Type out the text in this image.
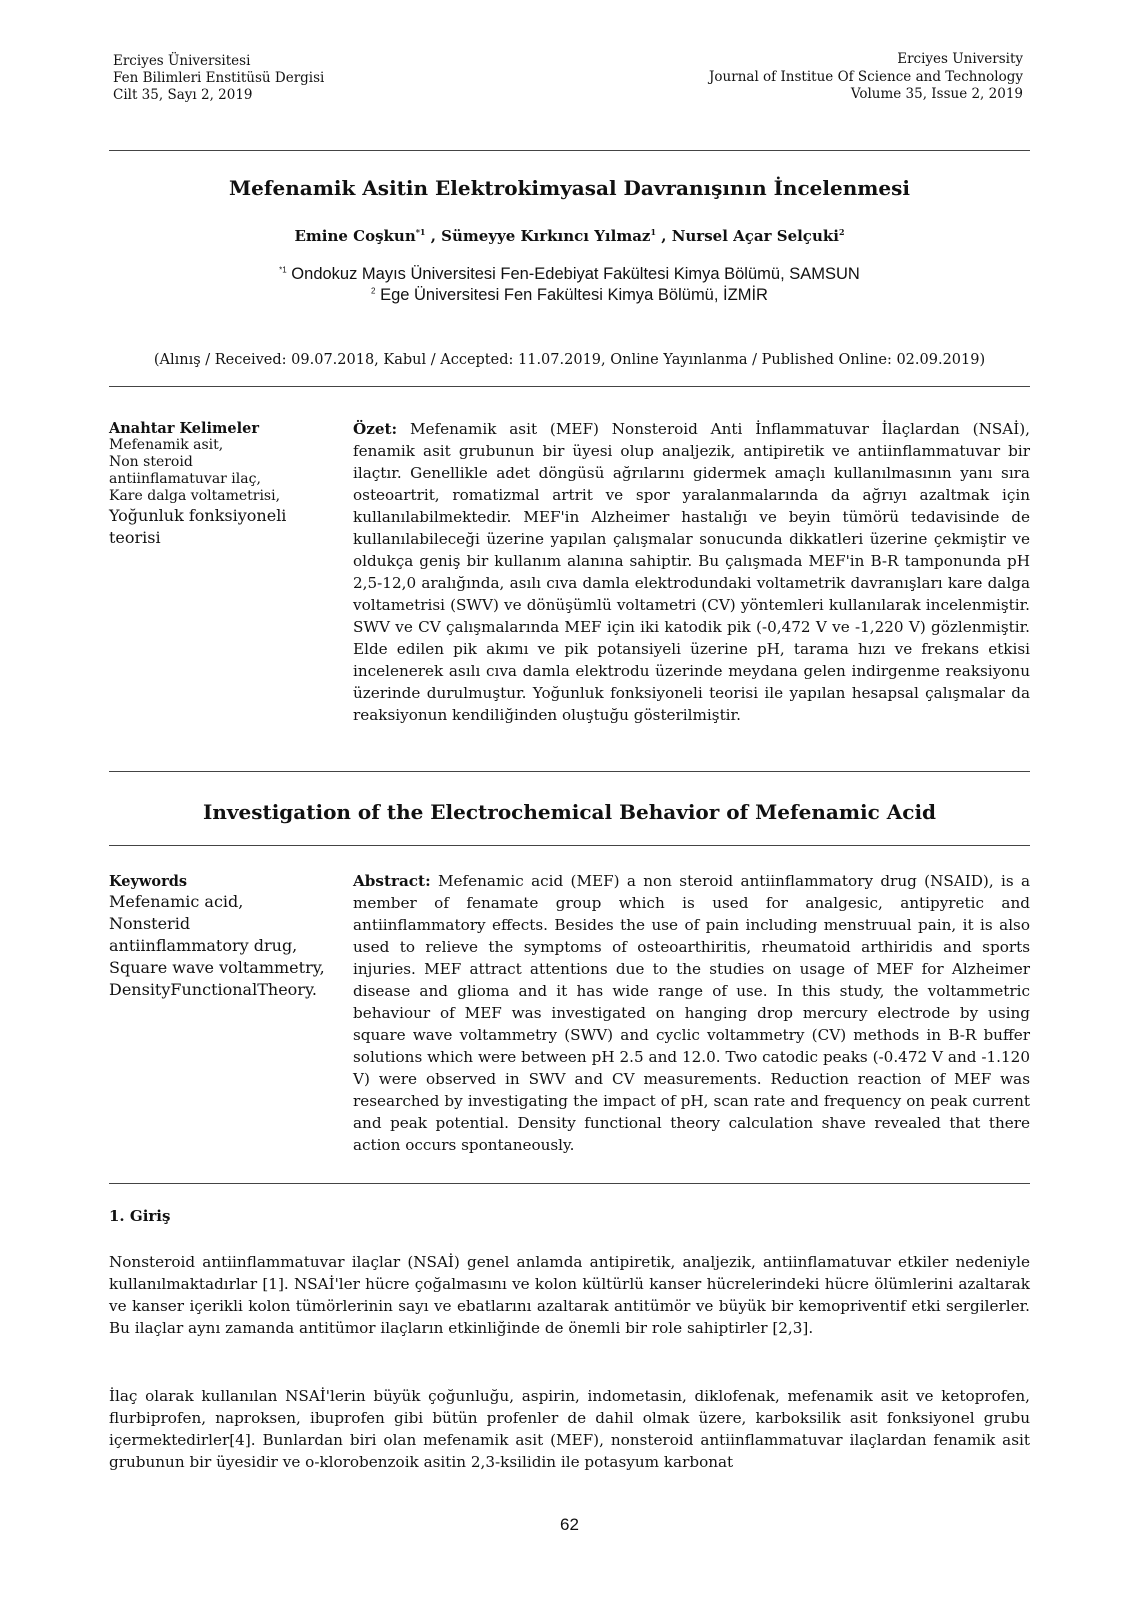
Erciyes Üniversitesi
Fen Bilimleri Enstitüsü Dergisi
Cilt 35, Sayı 2, 2019
Erciyes University
Journal of Institue Of Science and Technology
Volume 35, Issue 2, 2019
Mefenamik Asitin Elektrokimyasal Davranışının İncelenmesi
Emine Coşkun$^{*1}$ , Sümeyye Kırkıncı Yılmaz$^1$ , Nursel Açar Selçuki$^2$
$^{*1}$ Ondokuz Mayıs Üniversitesi Fen-Edebiyat Fakültesi Kimya Bölümü, SAMSUN
$^2$ Ege Üniversitesi Fen Fakültesi Kimya Bölümü, İZMİR
(Alınış / Received: 09.07.2018, Kabul / Accepted: 11.07.2019, Online Yayınlanma / Published Online: 02.09.2019)
Anahtar Kelimeler
Mefenamik asit,
Non steroid
antiinflamatuvar ilaç,
Kare dalga voltametrisi,
Yoğunluk fonksiyoneli
teorisi
Özet: Mefenamik asit (MEF) Nonsteroid Anti İnflammatuvar İlaçlardan (NSAİ), fenamik asit grubunun bir üyesi olup analjezik, antipiretik ve antiinflammatuvar bir ilaçtır. Genellikle adet döngüsü ağrılarını gidermek amaçlı kullanılmasının yanı sıra osteoartrit, romatizmal artrit ve spor yaralanmalarında da ağrıyı azaltmak için kullanılabilmektedir. MEF'in Alzheimer hastalığı ve beyin tümörü tedavisinde de kullanılabileceği üzerine yapılan çalışmalar sonucunda dikkatleri üzerine çekmiştir ve oldukça geniş bir kullanım alanına sahiptir. Bu çalışmada MEF'in B-R tamponunda pH 2,5-12,0 aralığında, asılı cıva damla elektrodundaki voltametrik davranışları kare dalga voltametrisi (SWV) ve dönüşümlü voltametri (CV) yöntemleri kullanılarak incelenmiştir. SWV ve CV çalışmalarında MEF için iki katodik pik (-0,472 V ve -1,220 V) gözlenmiştir. Elde edilen pik akımı ve pik potansiyeli üzerine pH, tarama hızı ve frekans etkisi incelenerek asılı cıva damla elektrodu üzerinde meydana gelen indirgenme reaksiyonu üzerinde durulmuştur. Yoğunluk fonksiyoneli teorisi ile yapılan hesapsal çalışmalar da reaksiyonun kendiliğinden oluştuğu gösterilmiştir.
Investigation of the Electrochemical Behavior of Mefenamic Acid
Keywords
Mefenamic acid,
Nonsterid
antiinflammatory drug,
Square wave voltammetry,
DensityFunctionalTheory.
Abstract: Mefenamic acid (MEF) a non steroid antiinflammatory drug (NSAID), is a member of fenamate group which is used for analgesic, antipyretic and antiinflammatory effects. Besides the use of pain including menstruual pain, it is also used to relieve the symptoms of osteoarthiritis, rheumatoid arthiridis and sports injuries. MEF attract attentions due to the studies on usage of MEF for Alzheimer disease and glioma and it has wide range of use. In this study, the voltammetric behaviour of MEF was investigated on hanging drop mercury electrode by using square wave voltammetry (SWV) and cyclic voltammetry (CV) methods in B-R buffer solutions which were between pH 2.5 and 12.0. Two catodic peaks (-0.472 V and -1.120 V) were observed in SWV and CV measurements. Reduction reaction of MEF was researched by investigating the impact of pH, scan rate and frequency on peak current and peak potential. Density functional theory calculation shave revealed that there action occurs spontaneously.
1. Giriş
Nonsteroid antiinflammatuvar ilaçlar (NSAİ) genel anlamda antipiretik, analjezik, antiinflamatuvar etkiler nedeniyle kullanılmaktadırlar [1]. NSAİ'ler hücre çoğalmasını ve kolon kültürlü kanser hücrelerindeki hücre ölümlerini azaltarak ve kanser içerikli kolon tümörlerinin sayı ve ebatlarını azaltarak antitümör ve büyük bir kemopriventif etki sergilerler. Bu ilaçlar aynı zamanda antitümor ilaçların etkinliğinde de önemli bir role sahiptirler [2,3].
İlaç olarak kullanılan NSAİ'lerin büyük çoğunluğu, aspirin, indometasin, diklofenak, mefenamik asit ve ketoprofen, flurbiprofen, naproksen, ibuprofen gibi bütün profenler de dahil olmak üzere, karboksilik asit fonksiyonel grubu içermektedirler[4]. Bunlardan biri olan mefenamik asit (MEF), nonsteroid antiinflammatuvar ilaçlardan fenamik asit grubunun bir üyesidir ve o-klorobenzoik asitin 2,3-ksilidin ile potasyum karbonat
62
